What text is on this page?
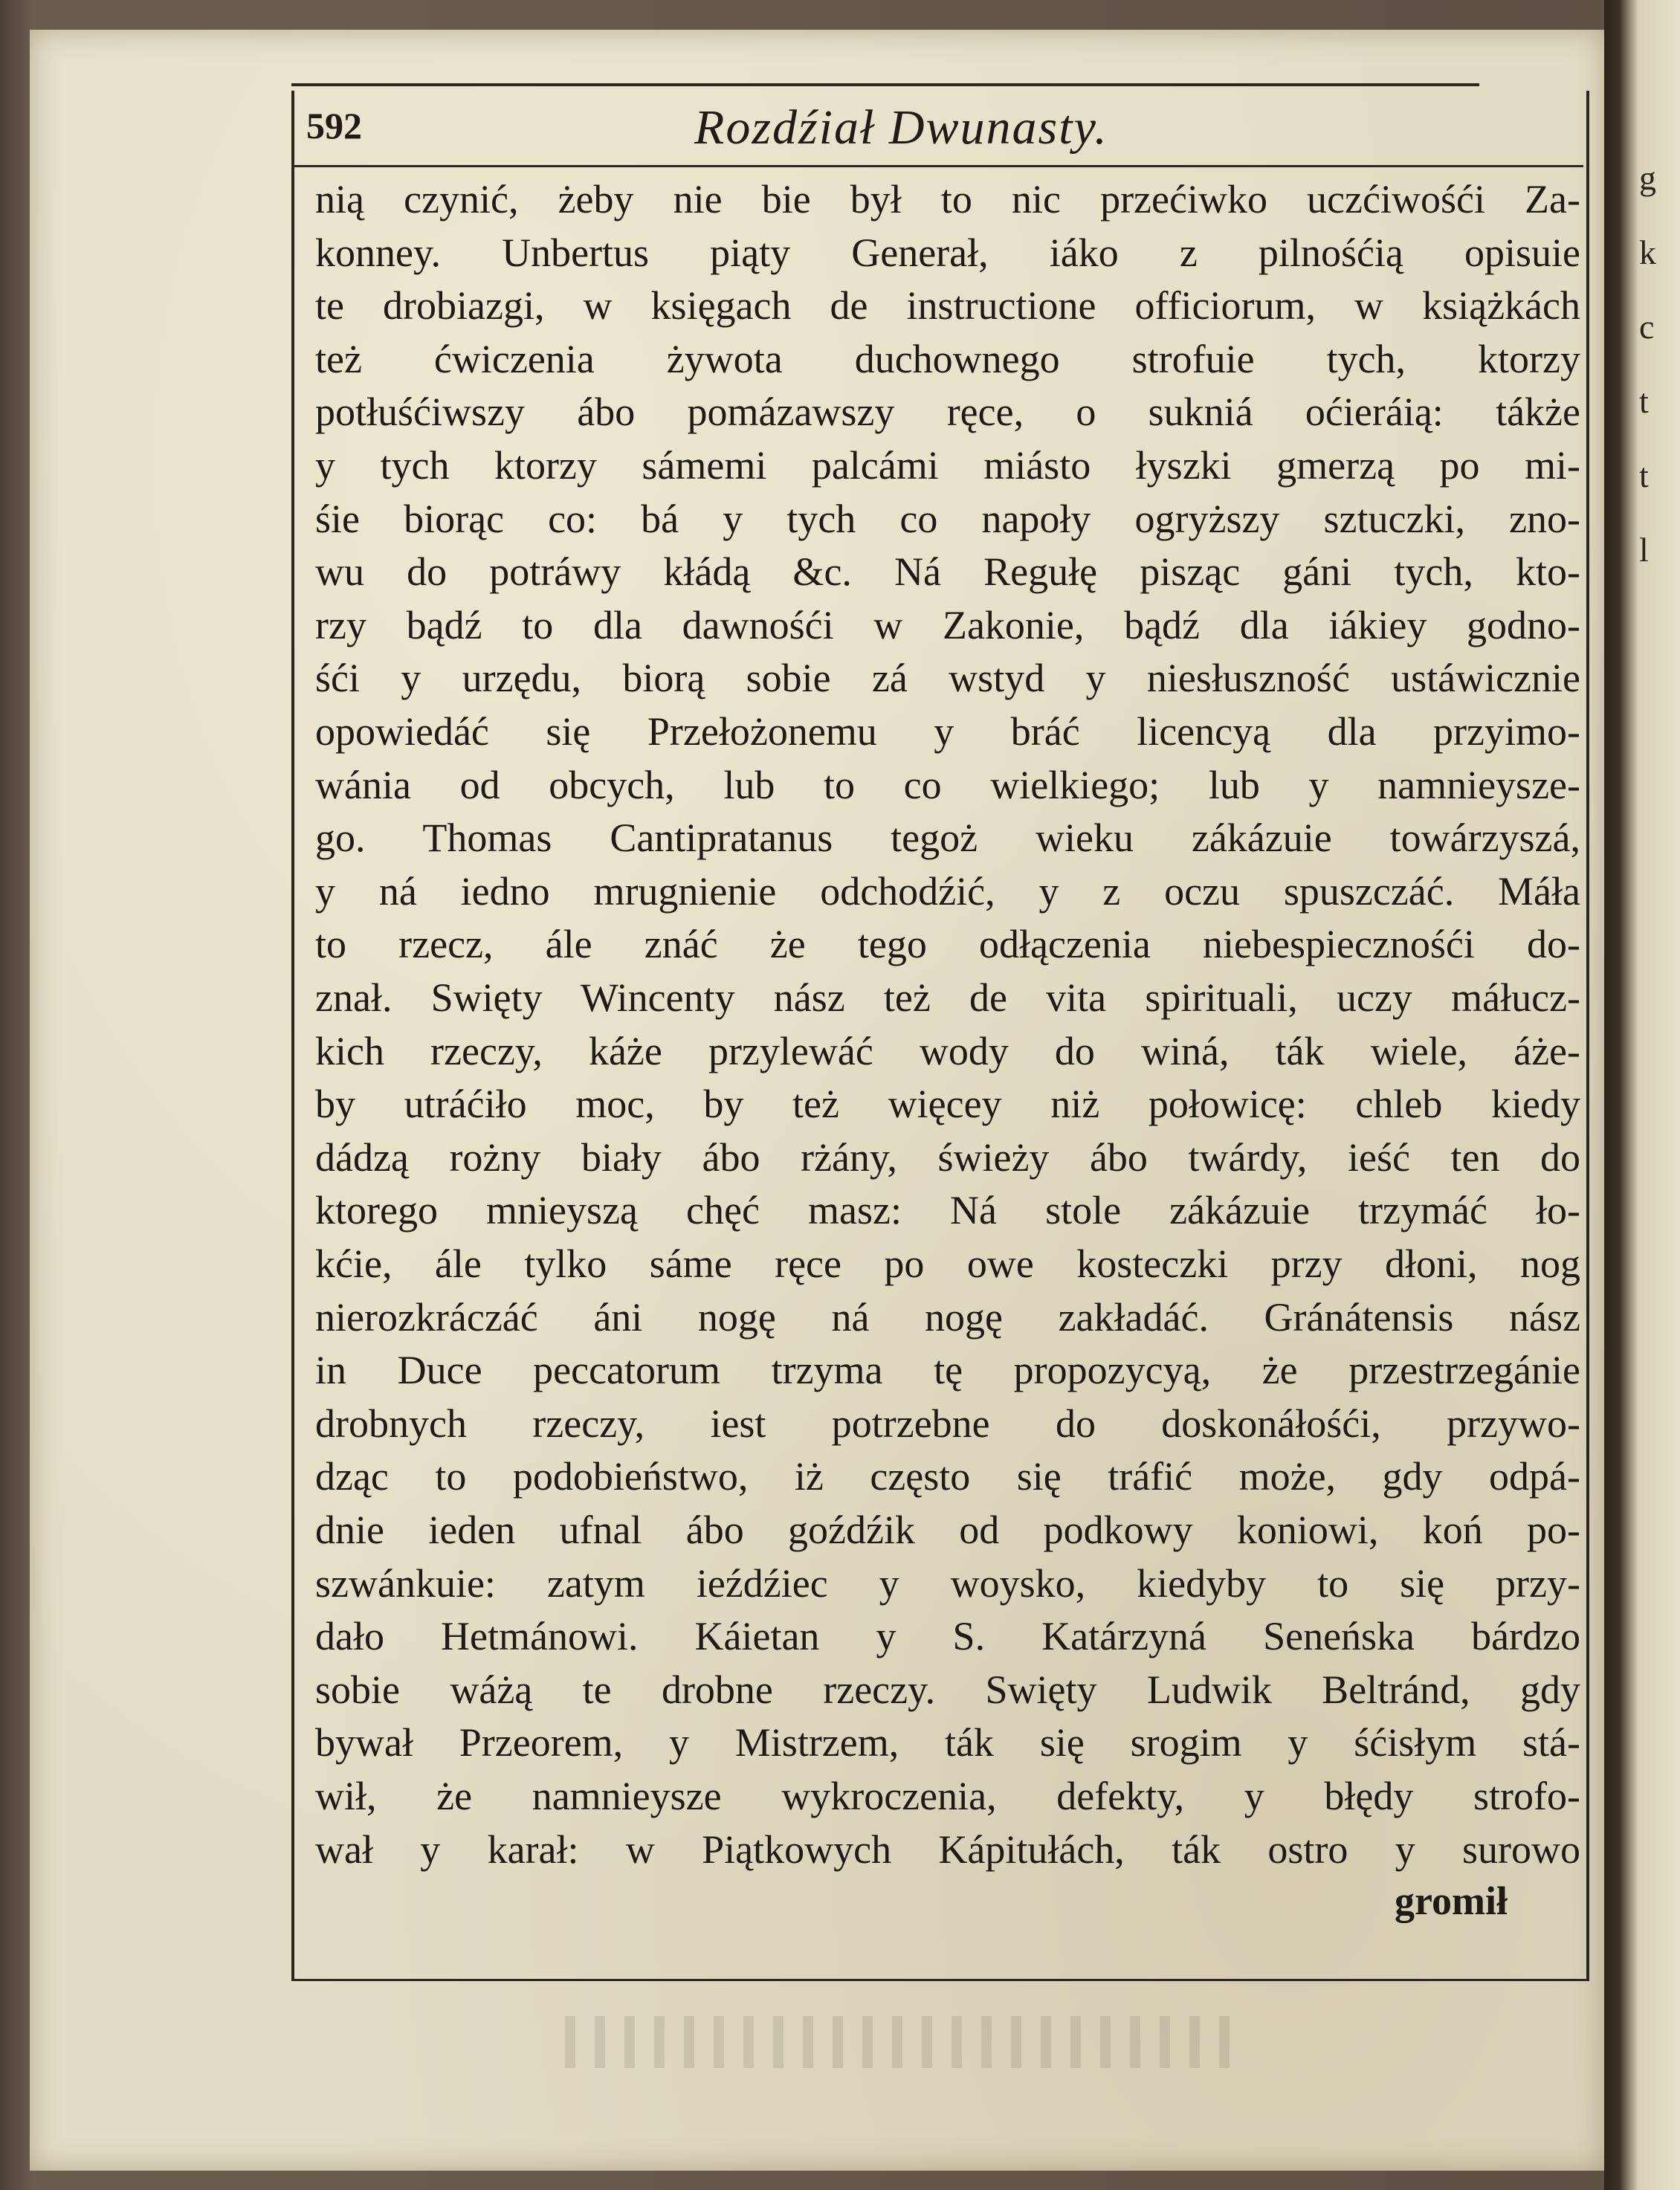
g
k
c
t
t
l
592	Rozdźiał Dwunasty.
nią czynić, żeby nie bie był to nic przećiwko uczćiwośći Za-
konney. Unbertus piąty Generał, iáko z pilnośćią opisuie
te drobiazgi, w księgach de instructione officiorum, w książkách
też ćwiczenia żywota duchownego strofuie tych, ktorzy
potłuśćiwszy ábo pomázawszy ręce, o sukniá oćieráią: tákże
y tych ktorzy sámemi palcámi miásto łyszki gmerzą po mi-
śie biorąc co: bá y tych co napoły ogryższy sztuczki, zno-
wu do potráwy kłádą &c. Ná Regułę pisząc gáni tych, kto-
rzy bądź to dla dawnośći w Zakonie, bądź dla iákiey godno-
śći y urzędu, biorą sobie zá wstyd y niesłuszność ustáwicznie
opowiedáć się Przełożonemu y bráć licencyą dla przyimo-
wánia od obcych, lub to co wielkiego; lub y namnieysze-
go. Thomas Cantipratanus tegoż wieku zákázuie towárzyszá,
y ná iedno mrugnienie odchodźić, y z oczu spuszczáć. Máła
to rzecz, ále znáć że tego odłączenia niebespiecznośći do-
znał. Swięty Wincenty nász też de vita spirituali, uczy máłucz-
kich rzeczy, káże przylewáć wody do winá, ták wiele, áże-
by utráćiło moc, by też więcey niż połowicę: chleb kiedy
dádzą rożny biały ábo rżány, świeży ábo twárdy, ieść ten do
ktorego mnieyszą chęć masz: Ná stole zákázuie trzymáć ło-
kćie, ále tylko sáme ręce po owe kosteczki przy dłoni, nog
nierozkráczáć áni nogę ná nogę zakładáć. Gránátensis nász
in Duce peccatorum trzyma tę propozycyą, że przestrzegánie
drobnych rzeczy, iest potrzebne do doskonáłośći, przywo-
dząc to podobieństwo, iż często się tráfić może, gdy odpá-
dnie ieden ufnal ábo goźdźik od podkowy koniowi, koń po-
szwánkuie: zatym ieźdźiec y woysko, kiedyby to się przy-
dało Hetmánowi. Káietan y S. Katárzyná Seneńska bárdzo
sobie wáżą te drobne rzeczy. Swięty Ludwik Beltránd, gdy
bywał Przeorem, y Mistrzem, ták się srogim y śćisłym stá-
wił, że namnieysze wykroczenia, defekty, y błędy strofo-
wał y karał: w Piątkowych Kápitułách, ták ostro y surowo
gromił
